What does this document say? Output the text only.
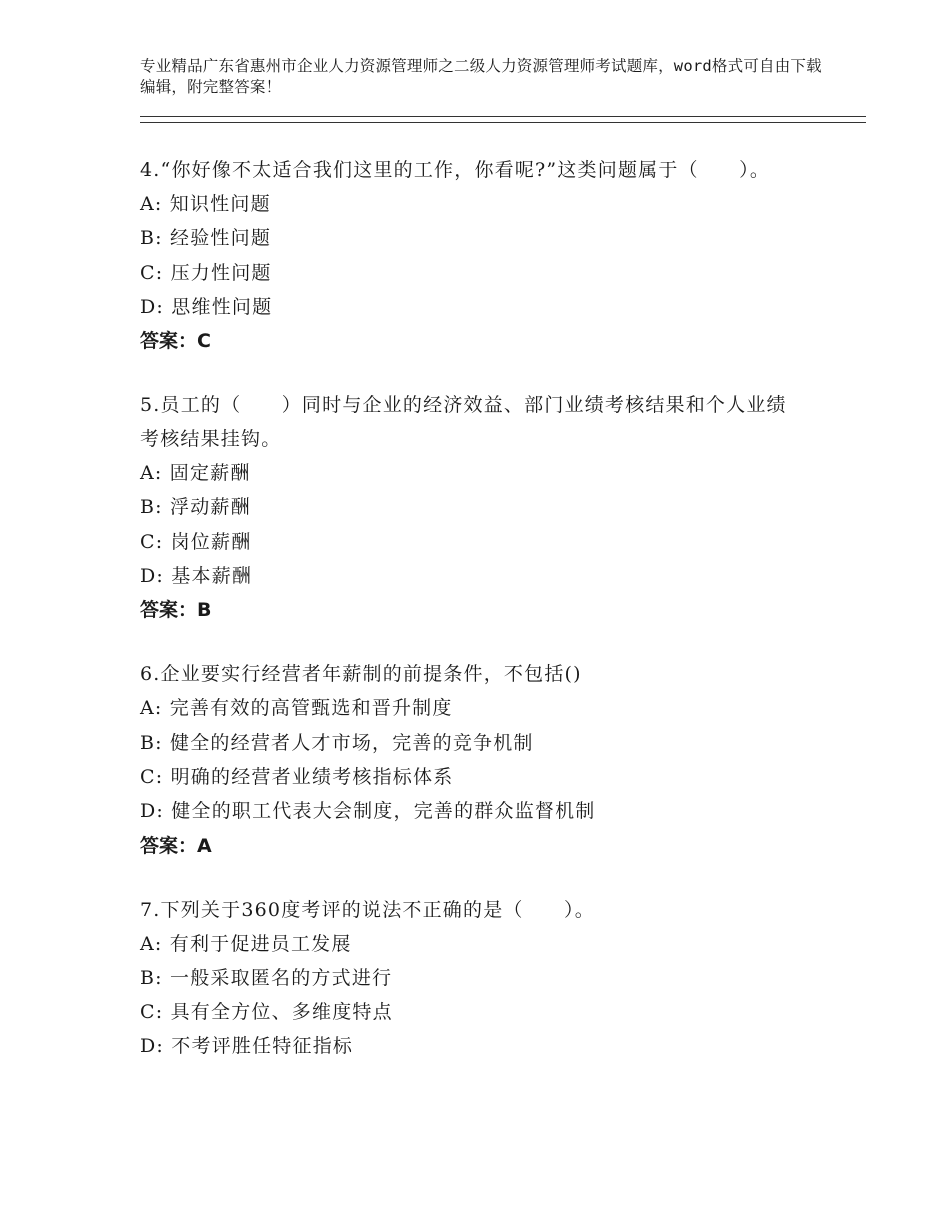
专业精品广东省惠州市企业人力资源管理师之二级人力资源管理师考试题库，word格式可自由下载编辑，附完整答案！

4.“你好像不太适合我们这里的工作，你看呢?”这类问题属于（　　）。

A: 知识性问题

B: 经验性问题

C: 压力性问题

D: 思维性问题

答案：C

5.员工的（　　）同时与企业的经济效益、部门业绩考核结果和个人业绩考核结果挂钩。

A: 固定薪酬

B: 浮动薪酬

C: 岗位薪酬

D: 基本薪酬

答案：B

6.企业要实行经营者年薪制的前提条件，不包括()

A: 完善有效的高管甄选和晋升制度

B: 健全的经营者人才市场，完善的竞争机制

C: 明确的经营者业绩考核指标体系

D: 健全的职工代表大会制度，完善的群众监督机制

答案：A

7.下列关于360度考评的说法不正确的是（　　）。

A: 有利于促进员工发展

B: 一般采取匿名的方式进行

C: 具有全方位、多维度特点

D: 不考评胜任特征指标
